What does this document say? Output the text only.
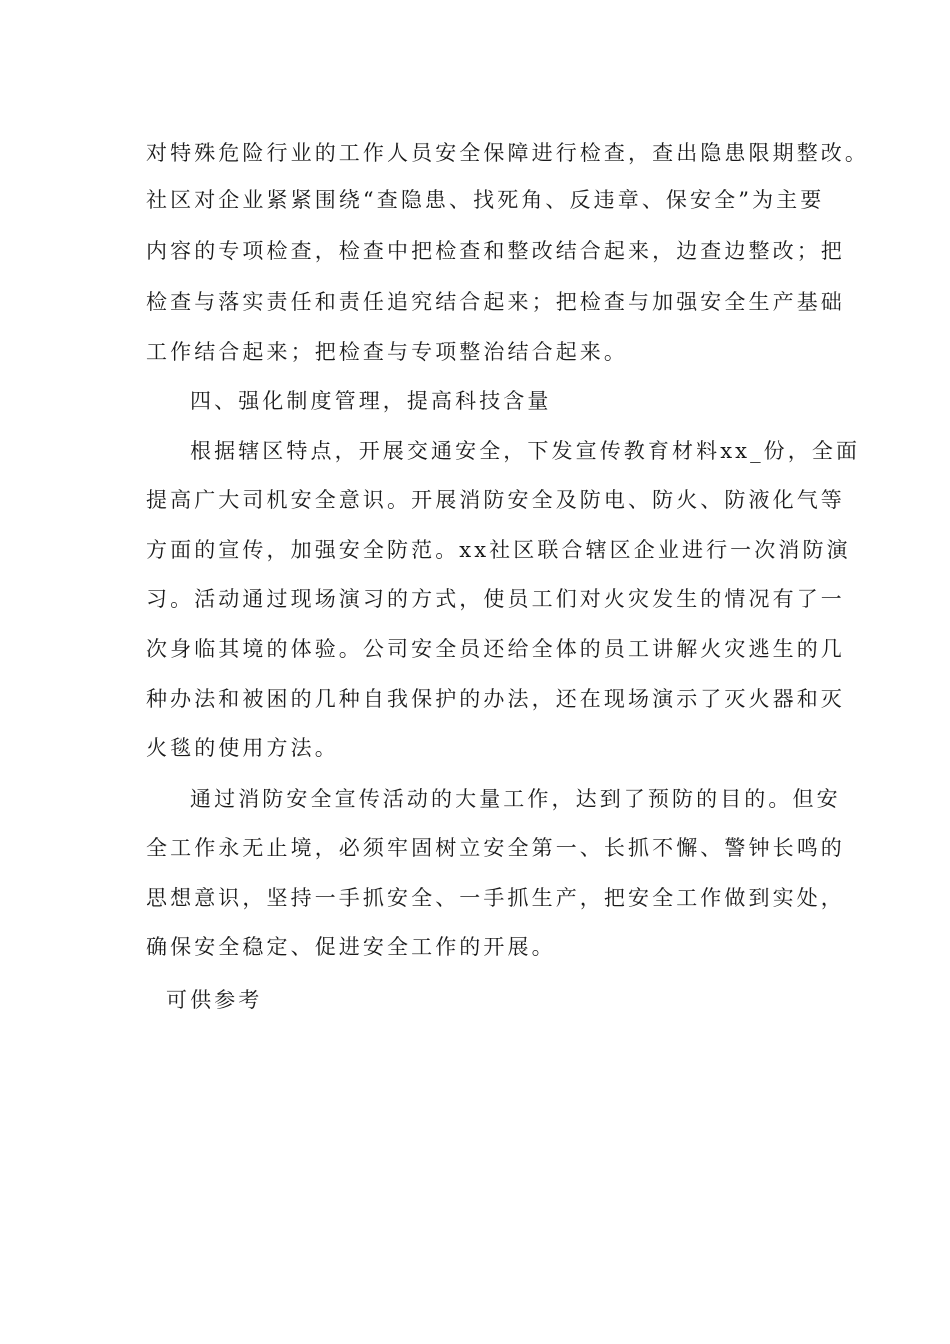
对特殊危险行业的工作人员安全保障进行检查，查出隐患限期整改。
社区对企业紧紧围绕“查隐患、找死角、反违章、保安全”为主要
内容的专项检查，检查中把检查和整改结合起来，边查边整改；把
检查与落实责任和责任追究结合起来；把检查与加强安全生产基础
工作结合起来；把检查与专项整治结合起来。
四、强化制度管理，提高科技含量
根据辖区特点，开展交通安全，下发宣传教育材料xx_份，全面
提高广大司机安全意识。开展消防安全及防电、防火、防液化气等
方面的宣传，加强安全防范。xx社区联合辖区企业进行一次消防演
习。活动通过现场演习的方式，使员工们对火灾发生的情况有了一
次身临其境的体验。公司安全员还给全体的员工讲解火灾逃生的几
种办法和被困的几种自我保护的办法，还在现场演示了灭火器和灭
火毯的使用方法。
通过消防安全宣传活动的大量工作，达到了预防的目的。但安
全工作永无止境，必须牢固树立安全第一、长抓不懈、警钟长鸣的
思想意识，坚持一手抓安全、一手抓生产，把安全工作做到实处，
确保安全稳定、促进安全工作的开展。
可供参考
